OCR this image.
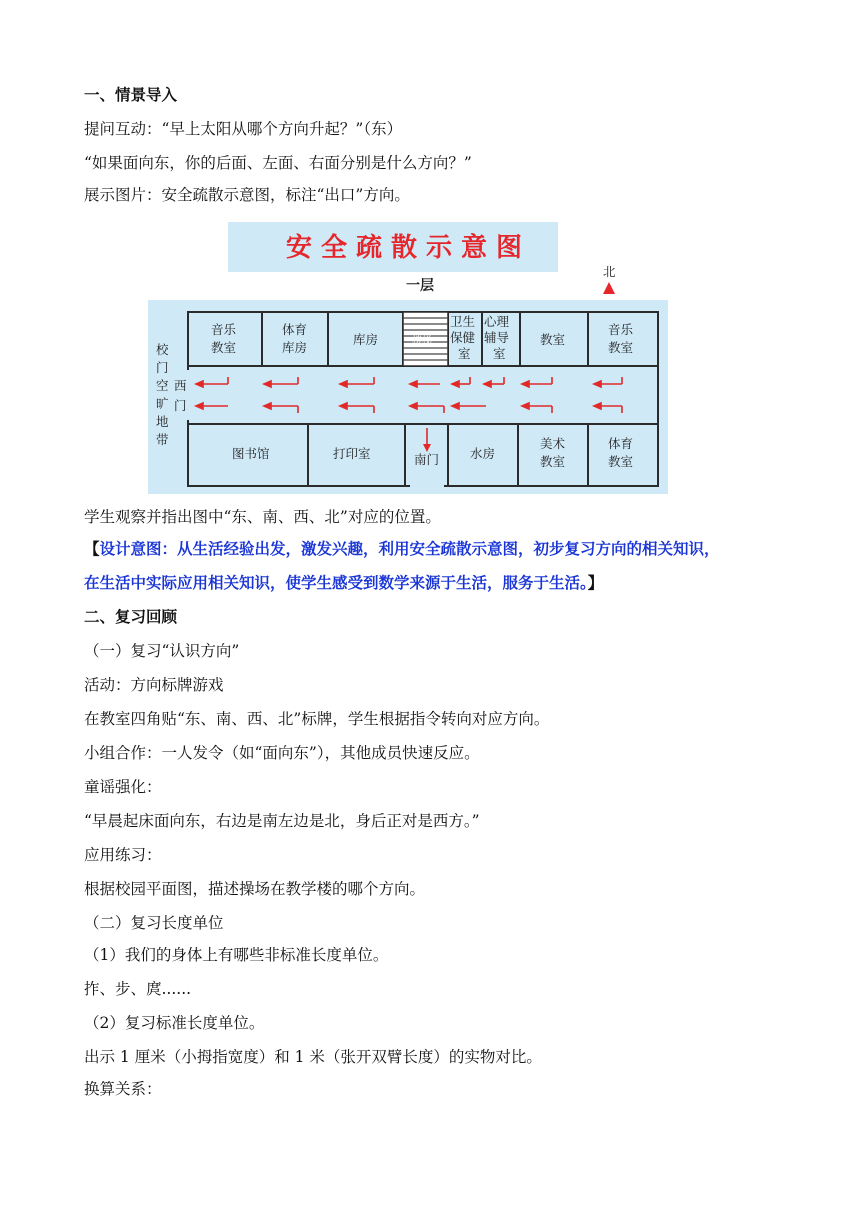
一、情景导入
提问互动：“早上太阳从哪个方向升起？”（东）
“如果面向东，你的后面、左面、右面分别是什么方向？”
展示图片：安全疏散示意图，标注“出口”方向。
安全疏散示意图
一层
北
音乐
教室
体育
库房
库房
卫生
保健
室
心理
辅导
室
教室
音乐
教室
楼梯
图书馆	打印室	水房
美术
教室
体育
教室
校
门
空
旷
地
带
西
门
南门
学生观察并指出图中“东、南、西、北”对应的位置。
【设计意图：从生活经验出发，激发兴趣，利用安全疏散示意图，初步复习方向的相关知识，
在生活中实际应用相关知识，使学生感受到数学来源于生活，服务于生活。】
二、复习回顾
（一）复习“认识方向”
活动：方向标牌游戏
在教室四角贴“东、南、西、北”标牌，学生根据指令转向对应方向。
小组合作：一人发令（如“面向东”），其他成员快速反应。
童谣强化：
“早晨起床面向东，右边是南左边是北，身后正对是西方。”
应用练习：
根据校园平面图，描述操场在教学楼的哪个方向。
（二）复习长度单位
（1）我们的身体上有哪些非标准长度单位。
拃、步、庹......
（2）复习标准长度单位。
出示 1 厘米（小拇指宽度）和 1 米（张开双臂长度）的实物对比。
换算关系：
